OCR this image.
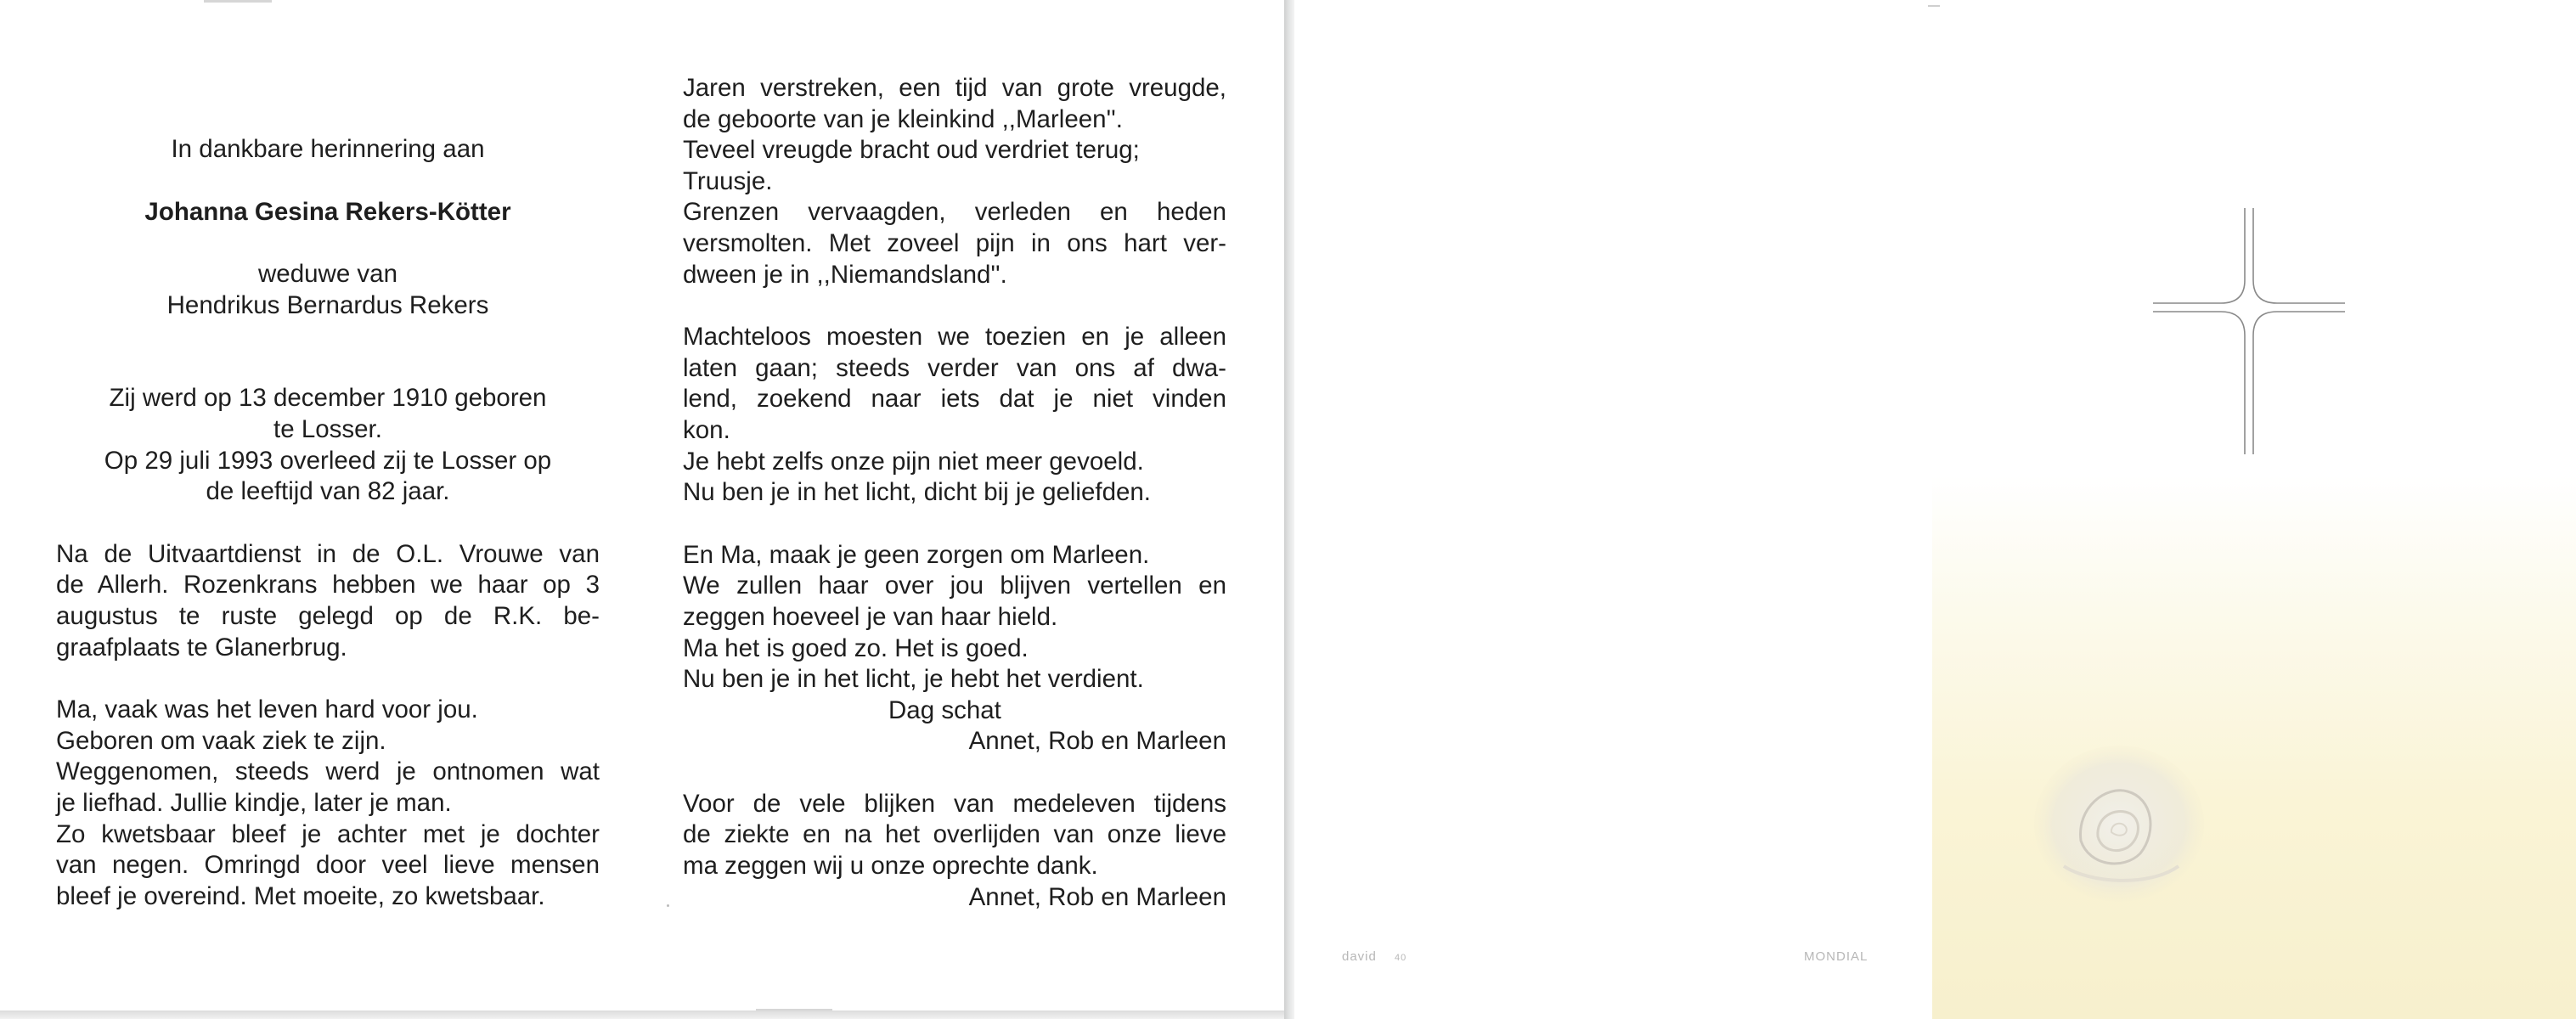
In dankbare herinnering aan
Johanna Gesina Rekers-Kötter
weduwe van
Hendrikus Bernardus Rekers
Zij werd op 13 december 1910 geboren
te Losser.
Op 29 juli 1993 overleed zij te Losser op
de leeftijd van 82 jaar.
Na de Uitvaartdienst in de O.L. Vrouwe van
de Allerh. Rozenkrans hebben we haar op 3
augustus te ruste gelegd op de R.K. be-
graafplaats te Glanerbrug.
Ma, vaak was het leven hard voor jou.
Geboren om vaak ziek te zijn.
Weggenomen, steeds werd je ontnomen wat
je liefhad. Jullie kindje, later je man.
Zo kwetsbaar bleef je achter met je dochter
van negen. Omringd door veel lieve mensen
bleef je overeind. Met moeite, zo kwetsbaar.
Jaren verstreken, een tijd van grote vreugde,
de geboorte van je kleinkind ,,Marleen''.
Teveel vreugde bracht oud verdriet terug;
Truusje.
Grenzen vervaagden, verleden en heden
versmolten. Met zoveel pijn in ons hart ver-
dween je in ,,Niemandsland''.
Machteloos moesten we toezien en je alleen
laten gaan; steeds verder van ons af dwa-
lend, zoekend naar iets dat je niet vinden
kon.
Je hebt zelfs onze pijn niet meer gevoeld.
Nu ben je in het licht, dicht bij je geliefden.
En Ma, maak je geen zorgen om Marleen.
We zullen haar over jou blijven vertellen en
zeggen hoeveel je van haar hield.
Ma het is goed zo. Het is goed.
Nu ben je in het licht, je hebt het verdient.
Dag schat
Annet, Rob en Marleen
Voor de vele blijken van medeleven tijdens
de ziekte en na het overlijden van onze lieve
ma zeggen wij u onze oprechte dank.
Annet, Rob en Marleen
david 40	MONDIAL
